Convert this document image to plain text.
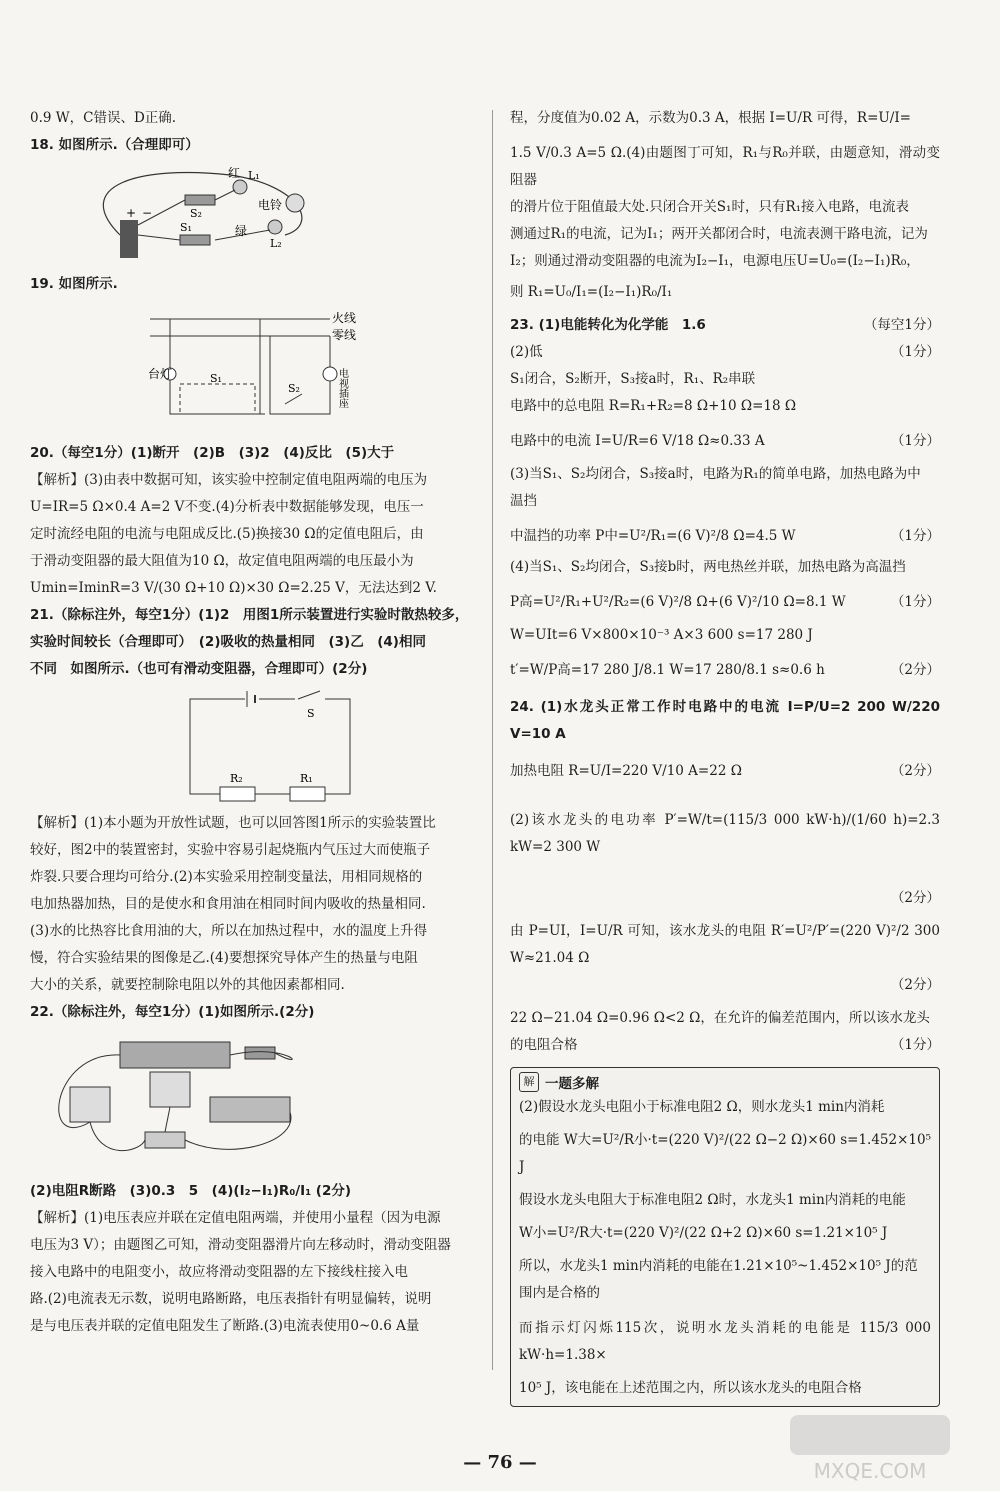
0.9 W，C错误、D正确.

18. 如图所示.（合理即可）

+ −
红 L₁
S₂
S₁	绿
电铃
L₂

19. 如图所示.

火线
零线
台灯	S₁
S₂	电视插座

20.（每空1分）(1)断开　(2)B　(3)2　(4)反比　(5)大于

【解析】(3)由表中数据可知，该实验中控制定值电阻两端的电压为

U=IR=5 Ω×0.4 A=2 V不变.(4)分析表中数据能够发现，电压一

定时流经电阻的电流与电阻成反比.(5)换接30 Ω的定值电阻后，由

于滑动变阻器的最大阻值为10 Ω，故定值电阻两端的电压最小为

Umin=IminR=3 V/(30 Ω+10 Ω)×30 Ω=2.25 V，无法达到2 V.

21.（除标注外，每空1分）(1)2　用图1所示装置进行实验时散热较多，

实验时间较长（合理即可）　(2)吸收的热量相同　(3)乙　(4)相同

不同　如图所示.（也可有滑动变阻器，合理即可）(2分)

S
R₂	R₁

【解析】(1)本小题为开放性试题，也可以回答图1所示的实验装置比

较好，图2中的装置密封，实验中容易引起烧瓶内气压过大而使瓶子

炸裂.只要合理均可给分.(2)本实验采用控制变量法，用相同规格的

电加热器加热，目的是使水和食用油在相同时间内吸收的热量相同.

(3)水的比热容比食用油的大，所以在加热过程中，水的温度上升得

慢，符合实验结果的图像是乙.(4)要想探究导体产生的热量与电阻

大小的关系，就要控制除电阻以外的其他因素都相同.

22.（除标注外，每空1分）(1)如图所示.(2分)

(2)电阻R断路　(3)0.3　5　(4)(I₂−I₁)R₀/I₁ (2分)

【解析】(1)电压表应并联在定值电阻两端，并使用小量程（因为电源

电压为3 V）；由题图乙可知，滑动变阻器滑片向左移动时，滑动变阻器

接入电路中的电阻变小，故应将滑动变阻器的左下接线柱接入电

路.(2)电流表无示数，说明电路断路，电压表指针有明显偏转，说明

是与电压表并联的定值电阻发生了断路.(3)电流表使用0~0.6 A量

程，分度值为0.02 A，示数为0.3 A，根据 I=U/R 可得，R=U/I=

1.5 V/0.3 A=5 Ω.(4)由题图丁可知，R₁与R₀并联，由题意知，滑动变阻器

的滑片位于阻值最大处.只闭合开关S₁时，只有R₁接入电路，电流表

测通过R₁的电流，记为I₁；两开关都闭合时，电流表测干路电流，记为

I₂；则通过滑动变阻器的电流为I₂−I₁，电源电压U=U₀=(I₂−I₁)R₀，

则 R₁=U₀/I₁=(I₂−I₁)R₀/I₁

23. (1)电能转化为化学能　1.6	（每空1分）
(2)低	（1分）

S₁闭合，S₂断开，S₃接a时，R₁、R₂串联

电路中的总电阻 R=R₁+R₂=8 Ω+10 Ω=18 Ω

电路中的电流 I=U/R=6 V/18 Ω≈0.33 A	（1分）

(3)当S₁、S₂均闭合，S₃接a时，电路为R₁的简单电路，加热电路为中

温挡

中温挡的功率 P中=U²/R₁=(6 V)²/8 Ω=4.5 W	（1分）

(4)当S₁、S₂均闭合，S₃接b时，两电热丝并联，加热电路为高温挡

P高=U²/R₁+U²/R₂=(6 V)²/8 Ω+(6 V)²/10 Ω=8.1 W	（1分）

W=UIt=6 V×800×10⁻³ A×3 600 s=17 280 J

t′=W/P高=17 280 J/8.1 W=17 280/8.1 s≈0.6 h	（2分）

24. (1)水龙头正常工作时电路中的电流 I=P/U=2 200 W/220 V=10 A

加热电阻 R=U/I=220 V/10 A=22 Ω	（2分）

(2)该水龙头的电功率 P′=W/t=(115/3 000 kW·h)/(1/60 h)=2.3 kW=2 300 W

（2分）

由 P=UI，I=U/R 可知，该水龙头的电阻 R′=U²/P′=(220 V)²/2 300 W≈21.04 Ω

（2分）

22 Ω−21.04 Ω=0.96 Ω<2 Ω，在允许的偏差范围内，所以该水龙头

的电阻合格	（1分）
解 一题多解

(2)假设水龙头电阻小于标准电阻2 Ω，则水龙头1 min内消耗

的电能 W大=U²/R小·t=(220 V)²/(22 Ω−2 Ω)×60 s=1.452×10⁵ J

假设水龙头电阻大于标准电阻2 Ω时，水龙头1 min内消耗的电能

W小=U²/R大·t=(220 V)²/(22 Ω+2 Ω)×60 s=1.21×10⁵ J

所以，水龙头1 min内消耗的电能在1.21×10⁵~1.452×10⁵ J的范

围内是合格的

而指示灯闪烁115次，说明水龙头消耗的电能是 115/3 000 kW·h=1.38×

10⁵ J，该电能在上述范围之内，所以该水龙头的电阻合格

— 76 —	MXQE.COM
